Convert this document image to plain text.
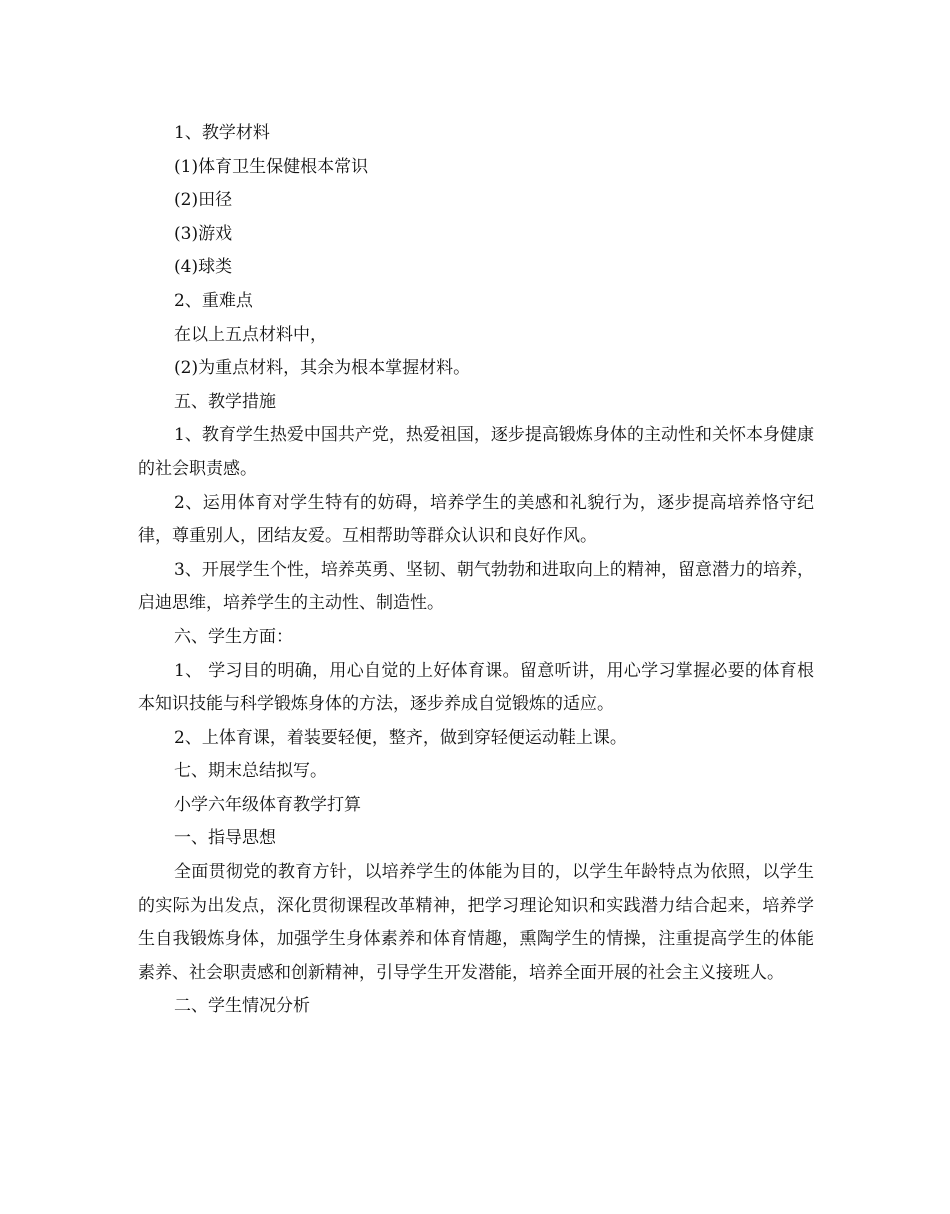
1、教学材料

(1)体育卫生保健根本常识

(2)田径

(3)游戏

(4)球类

2、重难点

在以上五点材料中，

(2)为重点材料，其余为根本掌握材料。

五、教学措施

1、教育学生热爱中国共产党，热爱祖国，逐步提高锻炼身体的主动性和关怀本身健康的社会职责感。

2、运用体育对学生特有的妨碍，培养学生的美感和礼貌行为，逐步提高培养恪守纪律，尊重别人，团结友爱。互相帮助等群众认识和良好作风。

3、开展学生个性，培养英勇、坚韧、朝气勃勃和进取向上的精神，留意潜力的培养，启迪思维，培养学生的主动性、制造性。

六、学生方面：

1、 学习目的明确，用心自觉的上好体育课。留意听讲，用心学习掌握必要的体育根本知识技能与科学锻炼身体的方法，逐步养成自觉锻炼的适应。

2、上体育课，着装要轻便，整齐，做到穿轻便运动鞋上课。

七、期末总结拟写。

小学六年级体育教学打算

一、指导思想

全面贯彻党的教育方针，以培养学生的体能为目的，以学生年龄特点为依照，以学生的实际为出发点，深化贯彻课程改革精神，把学习理论知识和实践潜力结合起来，培养学生自我锻炼身体，加强学生身体素养和体育情趣，熏陶学生的情操，注重提高学生的体能素养、社会职责感和创新精神，引导学生开发潜能，培养全面开展的社会主义接班人。

二、学生情况分析
